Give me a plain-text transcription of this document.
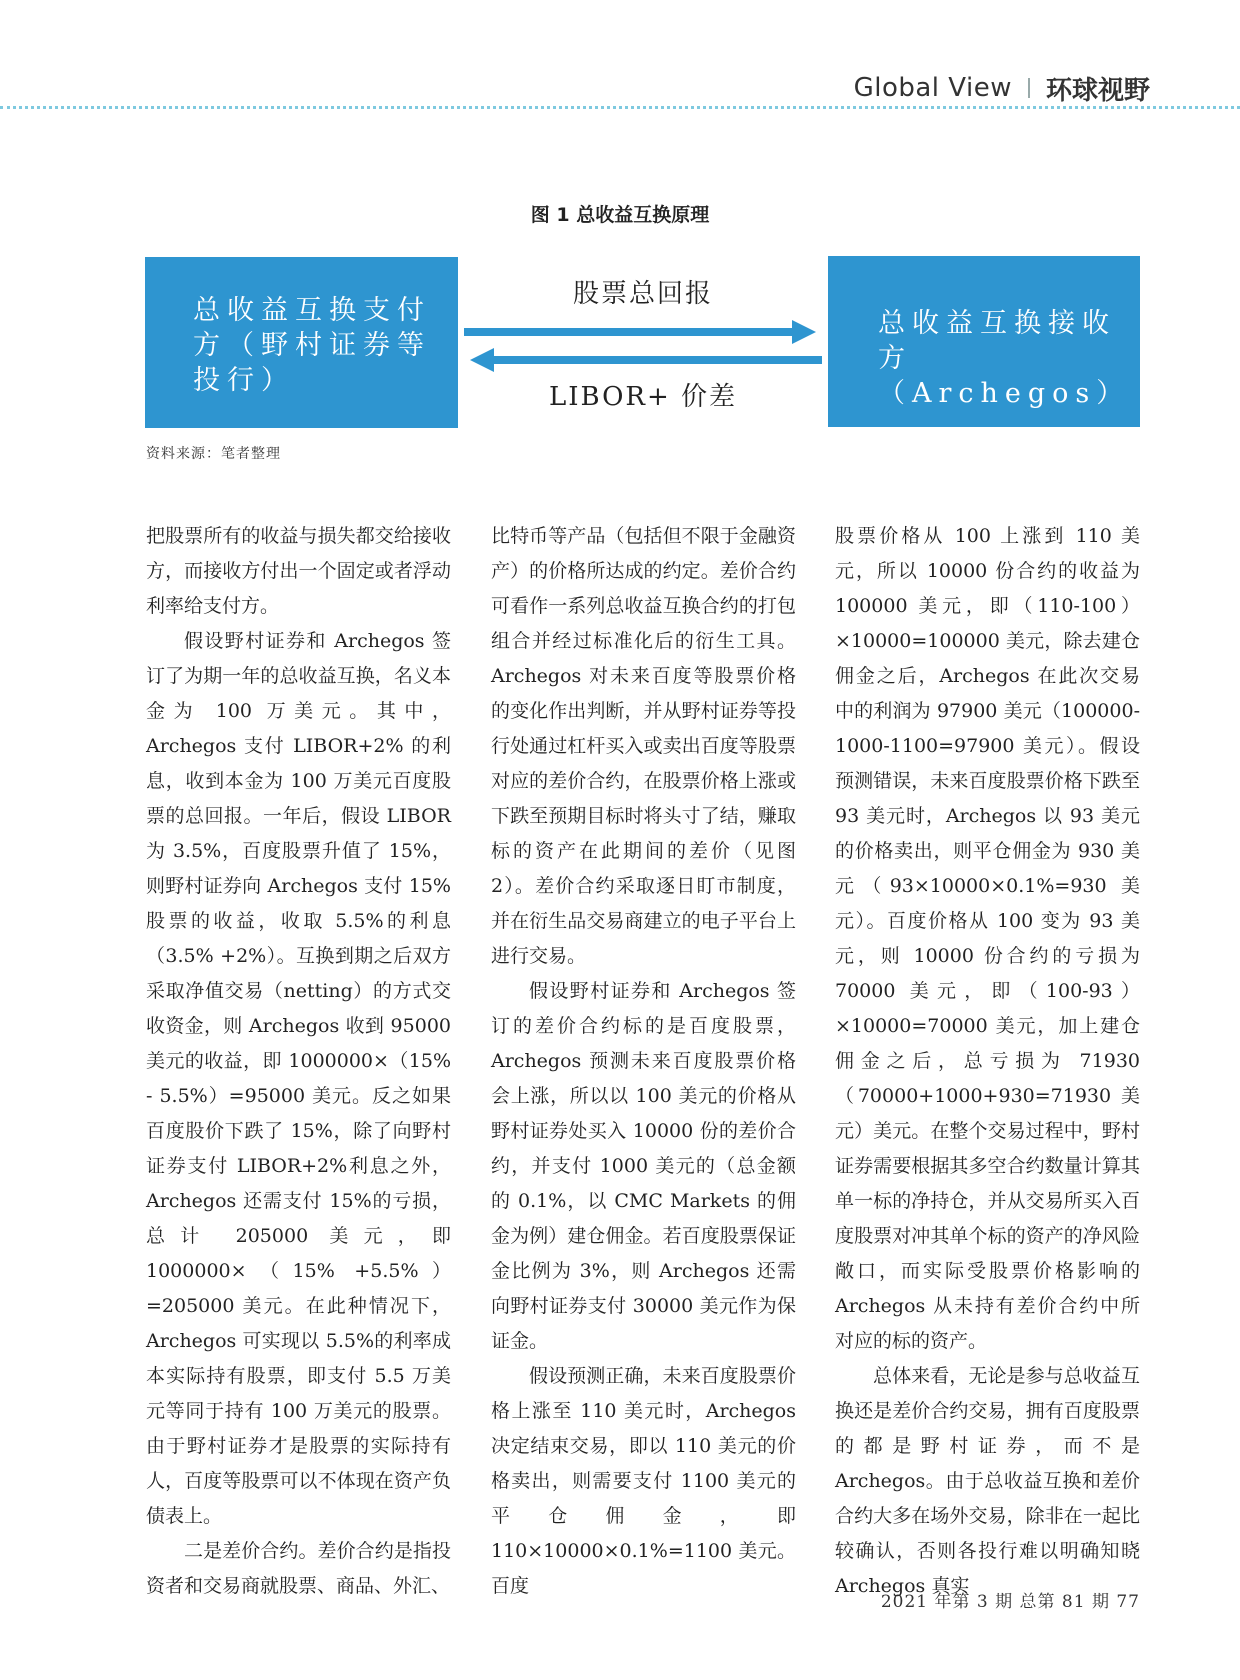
Global View 环球视野
图 1 总收益互换原理
总收益互换支付方（野村证券等投行）
股票总回报
LIBOR+ 价差
总收益互换接收方（Archegos）
资料来源：笔者整理

把股票所有的收益与损失都交给接收方，而接收方付出一个固定或者浮动利率给支付方。

假设野村证券和 Archegos 签订了为期一年的总收益互换，名义本金为 100 万美元。其中，Archegos 支付 LIBOR+2% 的利息，收到本金为 100 万美元百度股票的总回报。一年后，假设 LIBOR 为 3.5%，百度股票升值了 15%，则野村证券向 Archegos 支付 15%股票的收益，收取 5.5%的利息（3.5% +2%）。互换到期之后双方采取净值交易（netting）的方式交收资金，则 Archegos 收到 95000 美元的收益，即 1000000×（15% - 5.5%）=95000 美元。反之如果百度股价下跌了 15%，除了向野村证券支付 LIBOR+2%利息之外，Archegos 还需支付 15%的亏损，总计 205000 美元，即 1000000×（15% +5.5%）=205000 美元。在此种情况下，Archegos 可实现以 5.5%的利率成本实际持有股票，即支付 5.5 万美元等同于持有 100 万美元的股票。由于野村证券才是股票的实际持有人，百度等股票可以不体现在资产负债表上。

二是差价合约。差价合约是指投资者和交易商就股票、商品、外汇、

比特币等产品（包括但不限于金融资产）的价格所达成的约定。差价合约可看作一系列总收益互换合约的打包组合并经过标准化后的衍生工具。Archegos 对未来百度等股票价格的变化作出判断，并从野村证券等投行处通过杠杆买入或卖出百度等股票对应的差价合约，在股票价格上涨或下跌至预期目标时将头寸了结，赚取标的资产在此期间的差价（见图 2）。差价合约采取逐日盯市制度，并在衍生品交易商建立的电子平台上进行交易。

假设野村证券和 Archegos 签订的差价合约标的是百度股票，Archegos 预测未来百度股票价格会上涨，所以以 100 美元的价格从野村证券处买入 10000 份的差价合约，并支付 1000 美元的（总金额的 0.1%，以 CMC Markets 的佣金为例）建仓佣金。若百度股票保证金比例为 3%，则 Archegos 还需向野村证券支付 30000 美元作为保证金。

假设预测正确，未来百度股票价格上涨至 110 美元时，Archegos 决定结束交易，即以 110 美元的价格卖出，则需要支付 1100 美元的平仓佣金，即 110×10000×0.1%=1100 美元。百度

股票价格从 100 上涨到 110 美元，所以 10000 份合约的收益为 100000 美元，即（110-100）×10000=100000 美元，除去建仓佣金之后，Archegos 在此次交易中的利润为 97900 美元（100000-1000-1100=97900 美元）。假设预测错误，未来百度股票价格下跌至 93 美元时，Archegos 以 93 美元的价格卖出，则平仓佣金为 930 美元（93×10000×0.1%=930 美元）。百度价格从 100 变为 93 美元，则 10000 份合约的亏损为 70000 美元，即（100-93）×10000=70000 美元，加上建仓佣金之后，总亏损为 71930（70000+1000+930=71930 美元）美元。在整个交易过程中，野村证券需要根据其多空合约数量计算其单一标的净持仓，并从交易所买入百度股票对冲其单个标的资产的净风险敞口，而实际受股票价格影响的 Archegos 从未持有差价合约中所对应的标的资产。

总体来看，无论是参与总收益互换还是差价合约交易，拥有百度股票的都是野村证券，而不是 Archegos。由于总收益互换和差价合约大多在场外交易，除非在一起比较确认，否则各投行难以明确知晓 Archegos 真实

2021 年第 3 期 总第 81 期 77
